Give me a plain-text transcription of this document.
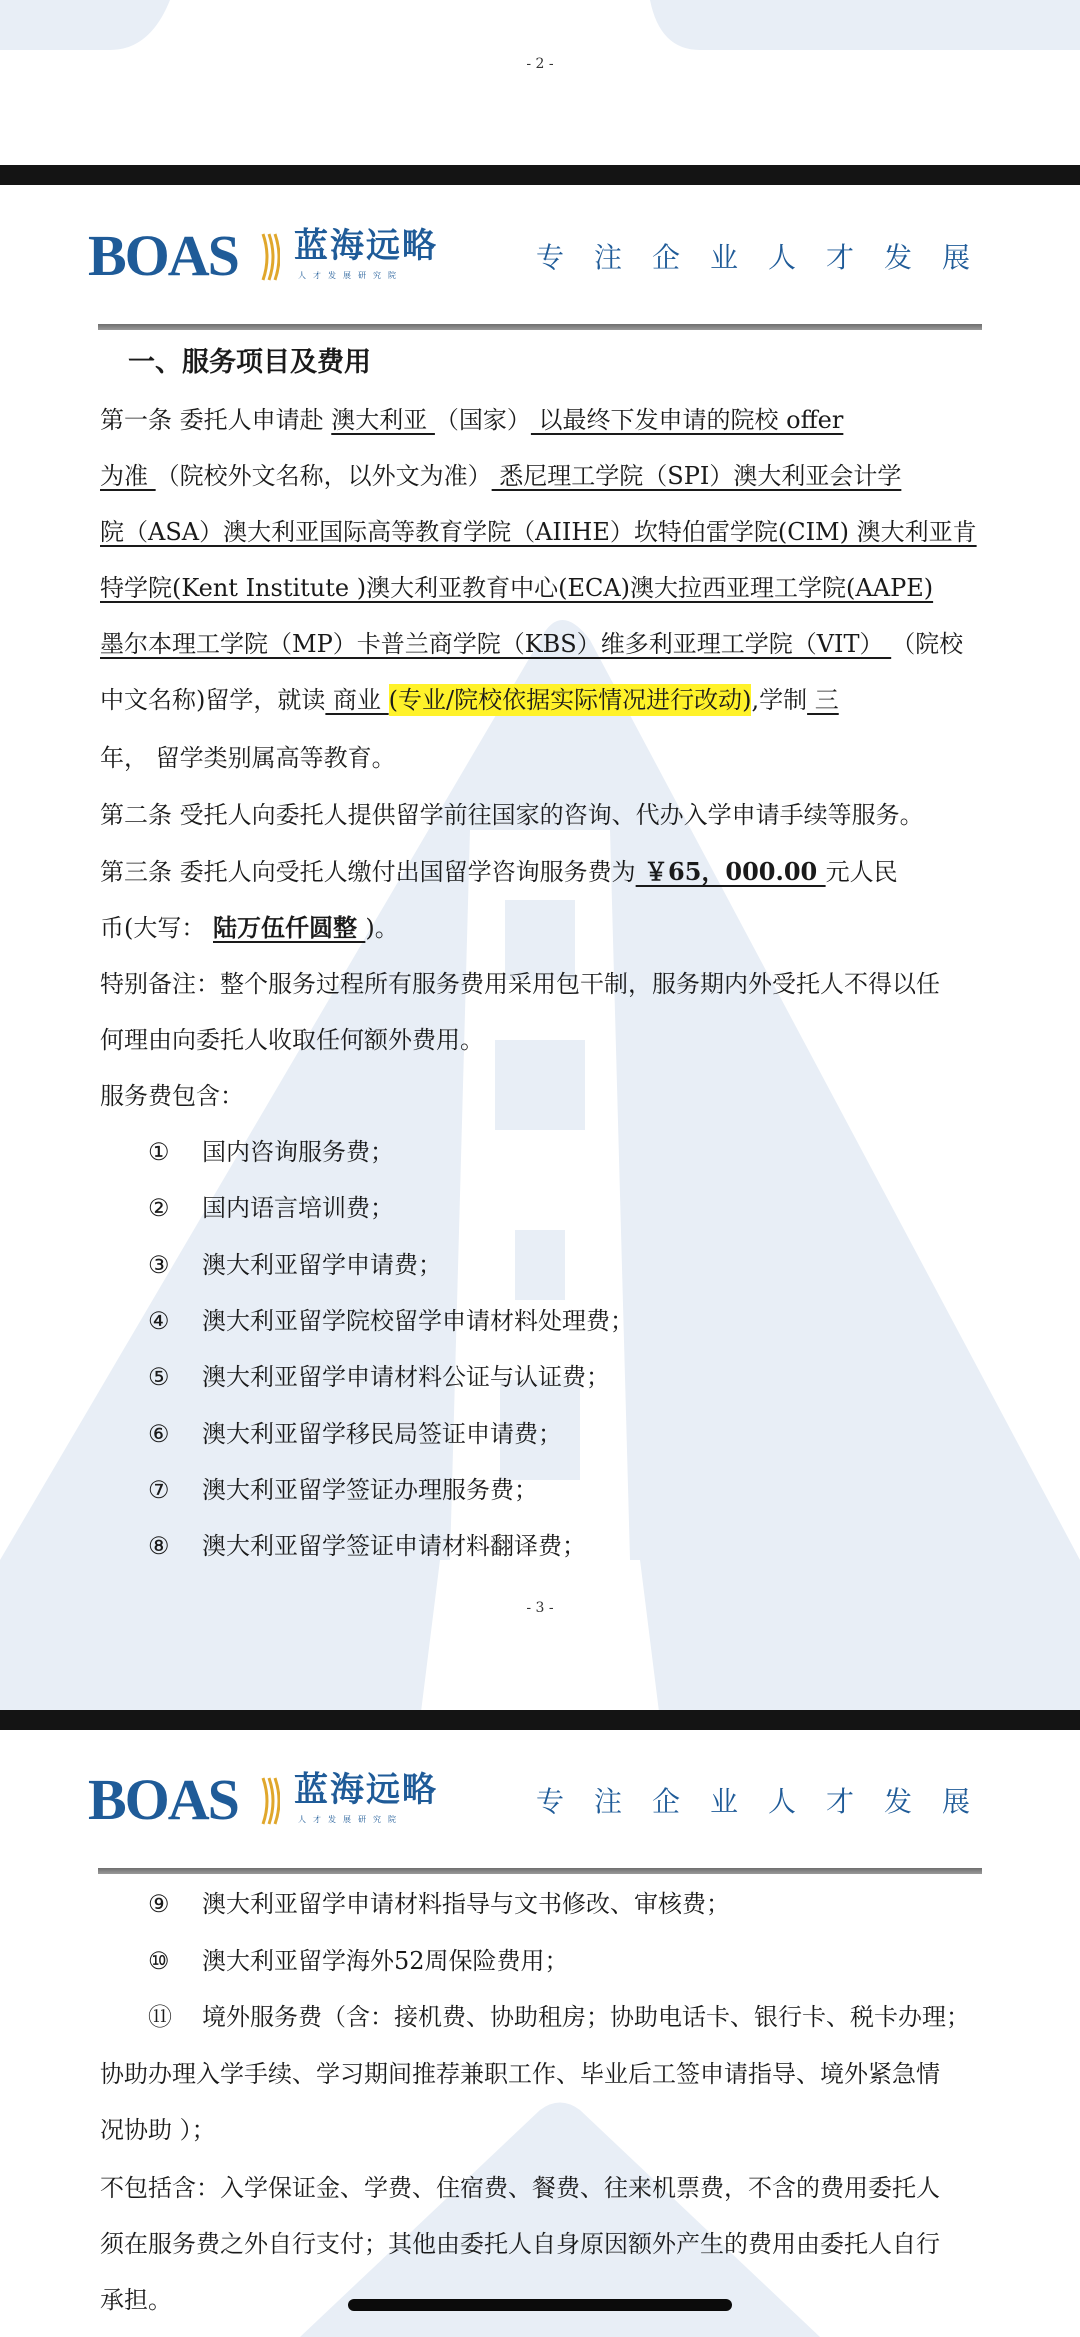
- 2 -
BOAS 蓝海远略
人才发展研究院
专注企业人才发展
一、服务项目及费用
第一条 委托人申请赴 澳大利亚 （国家） 以最终下发申请的院校 offer
为准 （院校外文名称，以外文为准） 悉尼理工学院（SPI）澳大利亚会计学
院（ASA）澳大利亚国际高等教育学院（AIIHE）坎特伯雷学院(CIM) 澳大利亚肯
特学院(Kent Institute )澳大利亚教育中心(ECA)澳大拉西亚理工学院(AAPE)
墨尔本理工学院（MP）卡普兰商学院（KBS）维多利亚理工学院（VIT） （院校
中文名称)留学，就读 商业 (专业/院校依据实际情况进行改动),学制 三
年， 留学类别属高等教育。
第二条 受托人向委托人提供留学前往国家的咨询、代办入学申请手续等服务。
第三条 委托人向受托人缴付出国留学咨询服务费为 ￥65，000.00 元人民
币(大写： 陆万伍仟圆整 )。
特别备注：整个服务过程所有服务费用采用包干制，服务期内外受托人不得以任
何理由向委托人收取任何额外费用。
服务费包含：
① 国内咨询服务费；
② 国内语言培训费；
③ 澳大利亚留学申请费；
④ 澳大利亚留学院校留学申请材料处理费；
⑤ 澳大利亚留学申请材料公证与认证费；
⑥ 澳大利亚留学移民局签证申请费；
⑦ 澳大利亚留学签证办理服务费；
⑧ 澳大利亚留学签证申请材料翻译费；
- 3 -
BOAS 蓝海远略
人才发展研究院
专注企业人才发展
⑨ 澳大利亚留学申请材料指导与文书修改、审核费；
⑩ 澳大利亚留学海外52周保险费用；
⑪ 境外服务费（含：接机费、协助租房；协助电话卡、银行卡、税卡办理；
协助办理入学手续、学习期间推荐兼职工作、毕业后工签申请指导、境外紧急情
况协助 ）；
不包括含：入学保证金、学费、住宿费、餐费、往来机票费，不含的费用委托人
须在服务费之外自行支付；其他由委托人自身原因额外产生的费用由委托人自行
承担。
